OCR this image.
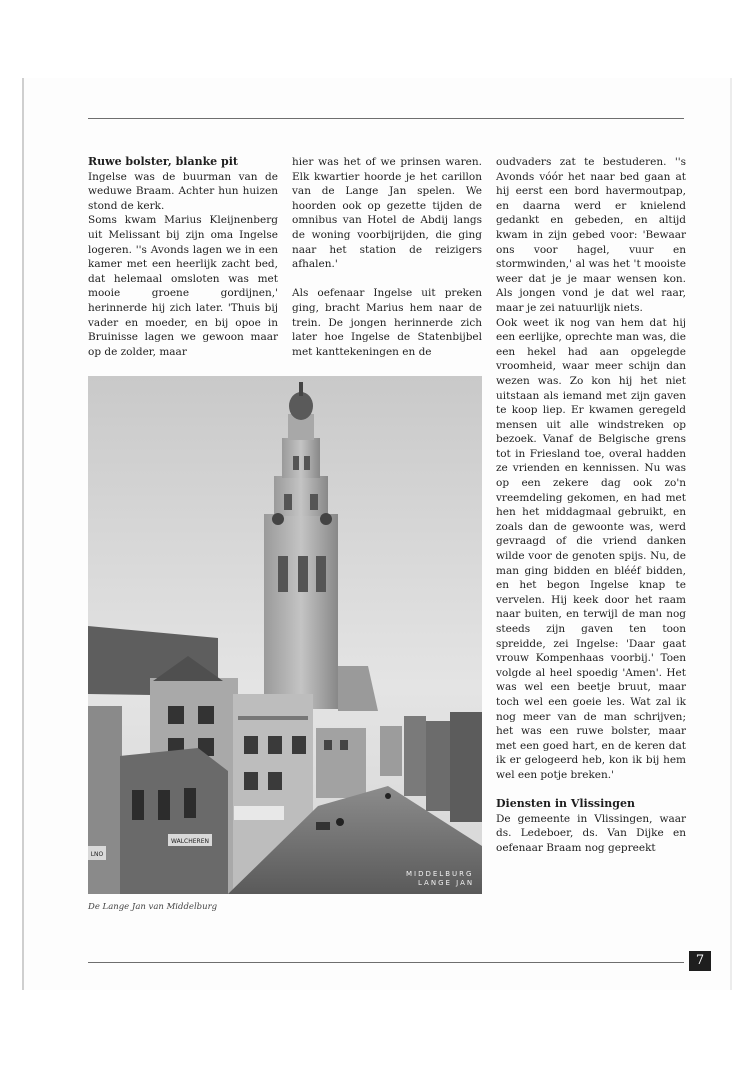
Ruwe bolster, blanke pit

Ingelse was de buurman van de weduwe Braam. Achter hun huizen stond de kerk.

Soms kwam Marius Kleijnenberg uit Melissant bij zijn oma Ingelse logeren. ''s Avonds lagen we in een kamer met een heerlijk zacht bed, dat helemaal omsloten was met mooie groene gordijnen,' herinnerde hij zich later. 'Thuis bij vader en moeder, en bij opoe in Bruinisse lagen we gewoon maar op de zolder, maar

hier was het of we prinsen waren. Elk kwartier hoorde je het carillon van de Lange Jan spelen. We hoorden ook op gezette tijden de omnibus van Hotel de Abdij langs de woning voorbijrijden, die ging naar het station de reizigers afhalen.'

Als oefenaar Ingelse uit preken ging, bracht Marius hem naar de trein. De jongen herinnerde zich later hoe Ingelse de Statenbijbel met kanttekeningen en de

oudvaders zat te bestuderen. ''s Avonds vóór het naar bed gaan at hij eerst een bord havermoutpap, en daarna werd er knielend gedankt en gebeden, en altijd kwam in zijn gebed voor: 'Bewaar ons voor hagel, vuur en stormwinden,' al was het 't mooiste weer dat je je maar wensen kon. Als jongen vond je dat wel raar, maar je zei natuurlijk niets.

Ook weet ik nog van hem dat hij een eerlijke, oprechte man was, die een hekel had aan opgelegde vroomheid, waar meer schijn dan wezen was. Zo kon hij het niet uitstaan als iemand met zijn gaven te koop liep. Er kwamen geregeld mensen uit alle windstreken op bezoek. Vanaf de Belgische grens tot in Friesland toe, overal hadden ze vrienden en kennissen. Nu was op een zekere dag ook zo'n vreemdeling gekomen, en had met hen het middagmaal gebruikt, en zoals dan de gewoonte was, werd gevraagd of die vriend danken wilde voor de genoten spijs. Nu, de man ging bidden en blééf bidden, en het begon Ingelse knap te vervelen. Hij keek door het raam naar buiten, en terwijl de man nog steeds zijn gaven ten toon spreidde, zei Ingelse: 'Daar gaat vrouw Kompenhaas voorbij.' Toen volgde al heel spoedig 'Amen'. Het was wel een beetje bruut, maar toch wel een goeie les. Wat zal ik nog meer van de man schrijven; het was een ruwe bolster, maar met een goed hart, en de keren dat ik er gelogeerd heb, kon ik bij hem wel een potje breken.'

Diensten in Vlissingen

De gemeente in Vlissingen, waar ds. Ledeboer, ds. Van Dijke en oefenaar Braam nog gepreekt

WALCHEREN
LNO
MIDDELBURG LANGE JAN
De Lange Jan van Middelburg
7
